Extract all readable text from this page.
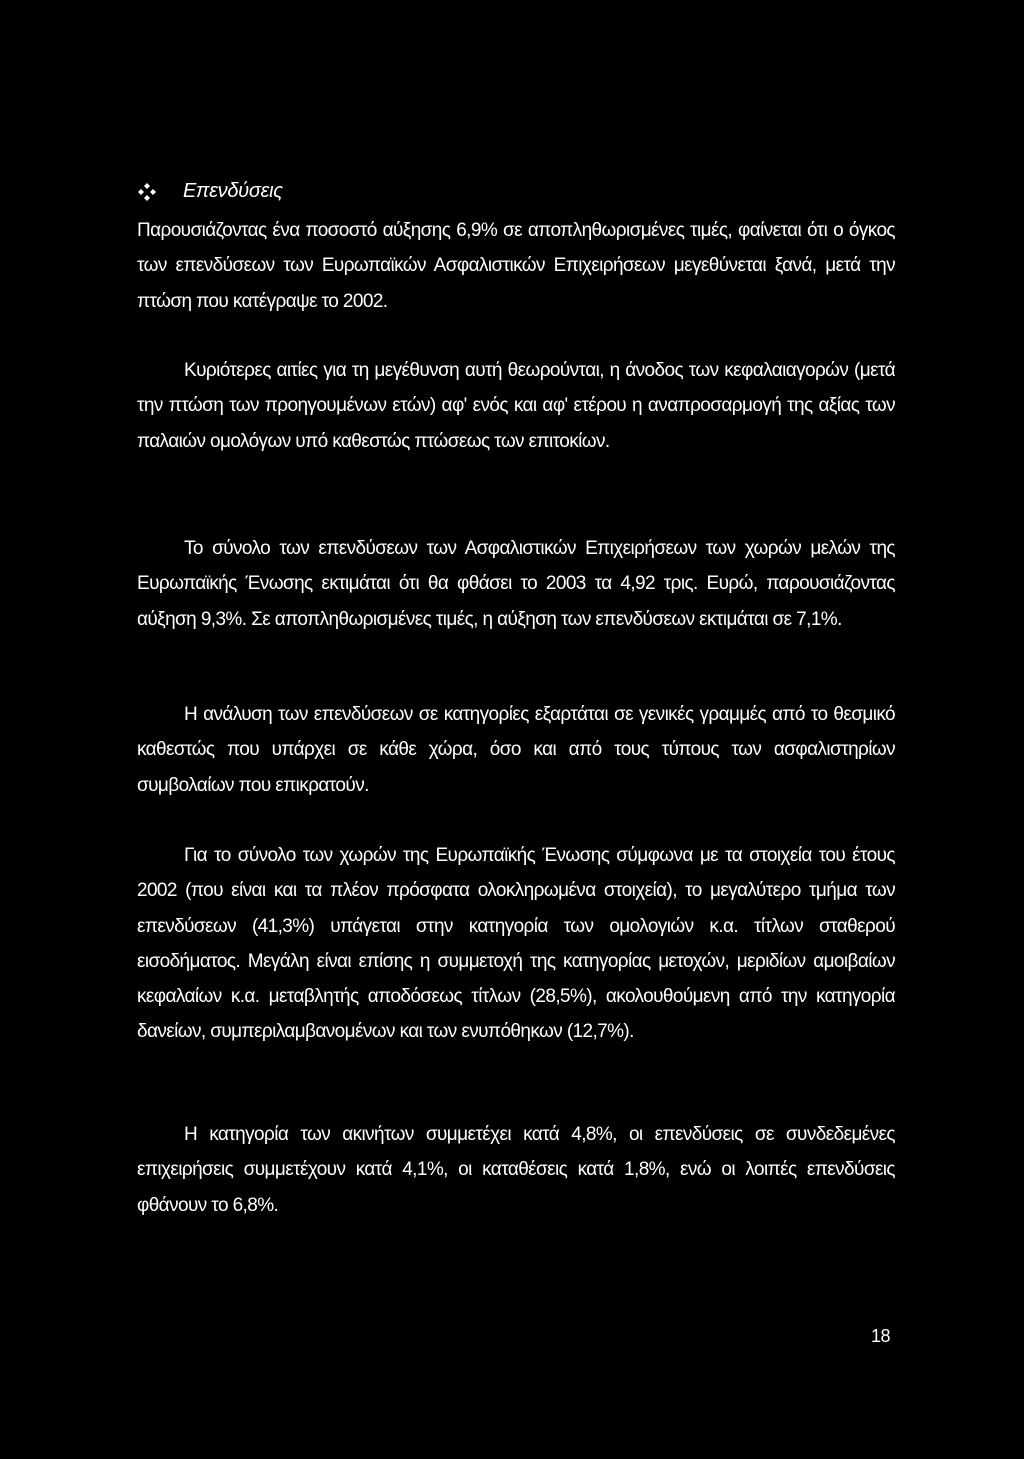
Επενδύσεις

Παρουσιάζοντας ένα ποσοστό αύξησης 6,9% σε αποπληθωρισμένες τιμές, φαίνεται ότι ο όγκος των επενδύσεων των Ευρωπαϊκών Ασφαλιστικών Επιχειρήσεων μεγεθύνεται ξανά, μετά την πτώση που κατέγραψε το 2002.

Κυριότερες αιτίες για τη μεγέθυνση αυτή θεωρούνται, η άνοδος των κεφαλαιαγορών (μετά την πτώση των προηγουμένων ετών) αφ' ενός και αφ' ετέρου η αναπροσαρμογή της αξίας των παλαιών ομολόγων υπό καθεστώς πτώσεως των επιτοκίων.

Το σύνολο των επενδύσεων των Ασφαλιστικών Επιχειρήσεων των χωρών μελών της Ευρωπαϊκής Ένωσης εκτιμάται ότι θα φθάσει το 2003 τα 4,92 τρις. Ευρώ, παρουσιάζοντας αύξηση 9,3%. Σε αποπληθωρισμένες τιμές, η αύξηση των επενδύσεων εκτιμάται σε 7,1%.

Η ανάλυση των επενδύσεων σε κατηγορίες εξαρτάται σε γενικές γραμμές από το θεσμικό καθεστώς που υπάρχει σε κάθε χώρα, όσο και από τους τύπους των ασφαλιστηρίων συμβολαίων που επικρατούν.

Για το σύνολο των χωρών της Ευρωπαϊκής Ένωσης σύμφωνα με τα στοιχεία του έτους 2002 (που είναι και τα πλέον πρόσφατα ολοκληρωμένα στοιχεία), το μεγαλύτερο τμήμα των επενδύσεων (41,3%) υπάγεται στην κατηγορία των ομολογιών κ.α. τίτλων σταθερού εισοδήματος. Μεγάλη είναι επίσης η συμμετοχή της κατηγορίας μετοχών, μεριδίων αμοιβαίων κεφαλαίων κ.α. μεταβλητής αποδόσεως τίτλων (28,5%), ακολουθούμενη από την κατηγορία δανείων, συμπεριλαμβανομένων και των ενυπόθηκων (12,7%).

Η κατηγορία των ακινήτων συμμετέχει κατά 4,8%, οι επενδύσεις σε συνδεδεμένες επιχειρήσεις συμμετέχουν κατά 4,1%, οι καταθέσεις κατά 1,8%, ενώ οι λοιπές επενδύσεις φθάνουν το 6,8%.

18
